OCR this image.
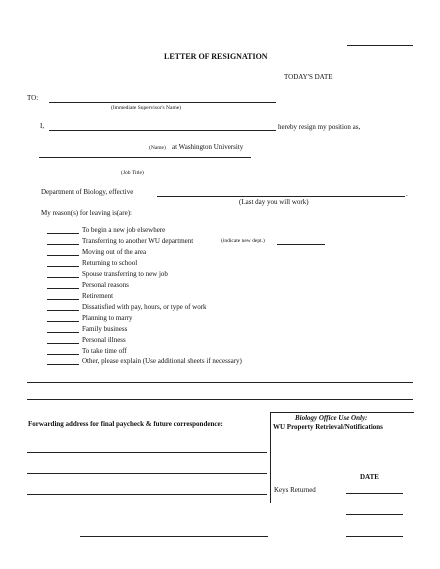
LETTER OF RESIGNATION
TODAY'S DATE
TO:
(Immediate Supervisor's Name)
I,	hereby resign my position as,
(Name) at Washington University
(Job Title)
Department of Biology, effective	.
(Last day you will work)
My reason(s) for leaving is(are):
To begin a new job elsewhere
Transferring to another WU department	(indicate new dept.)
Moving out of the area
Returning to school
Spouse transferring to new job
Personal reasons
Retirement
Dissatisfied with pay, hours, or type of work
Planning to marry
Family business
Personal illness
To take time off
Other, please explain (Use additional sheets if necessary)
Forwarding address for final paycheck & future correspondence:
Biology Office Use Only:
WU Property Retrieval/Notifications
DATE
Keys Returned
